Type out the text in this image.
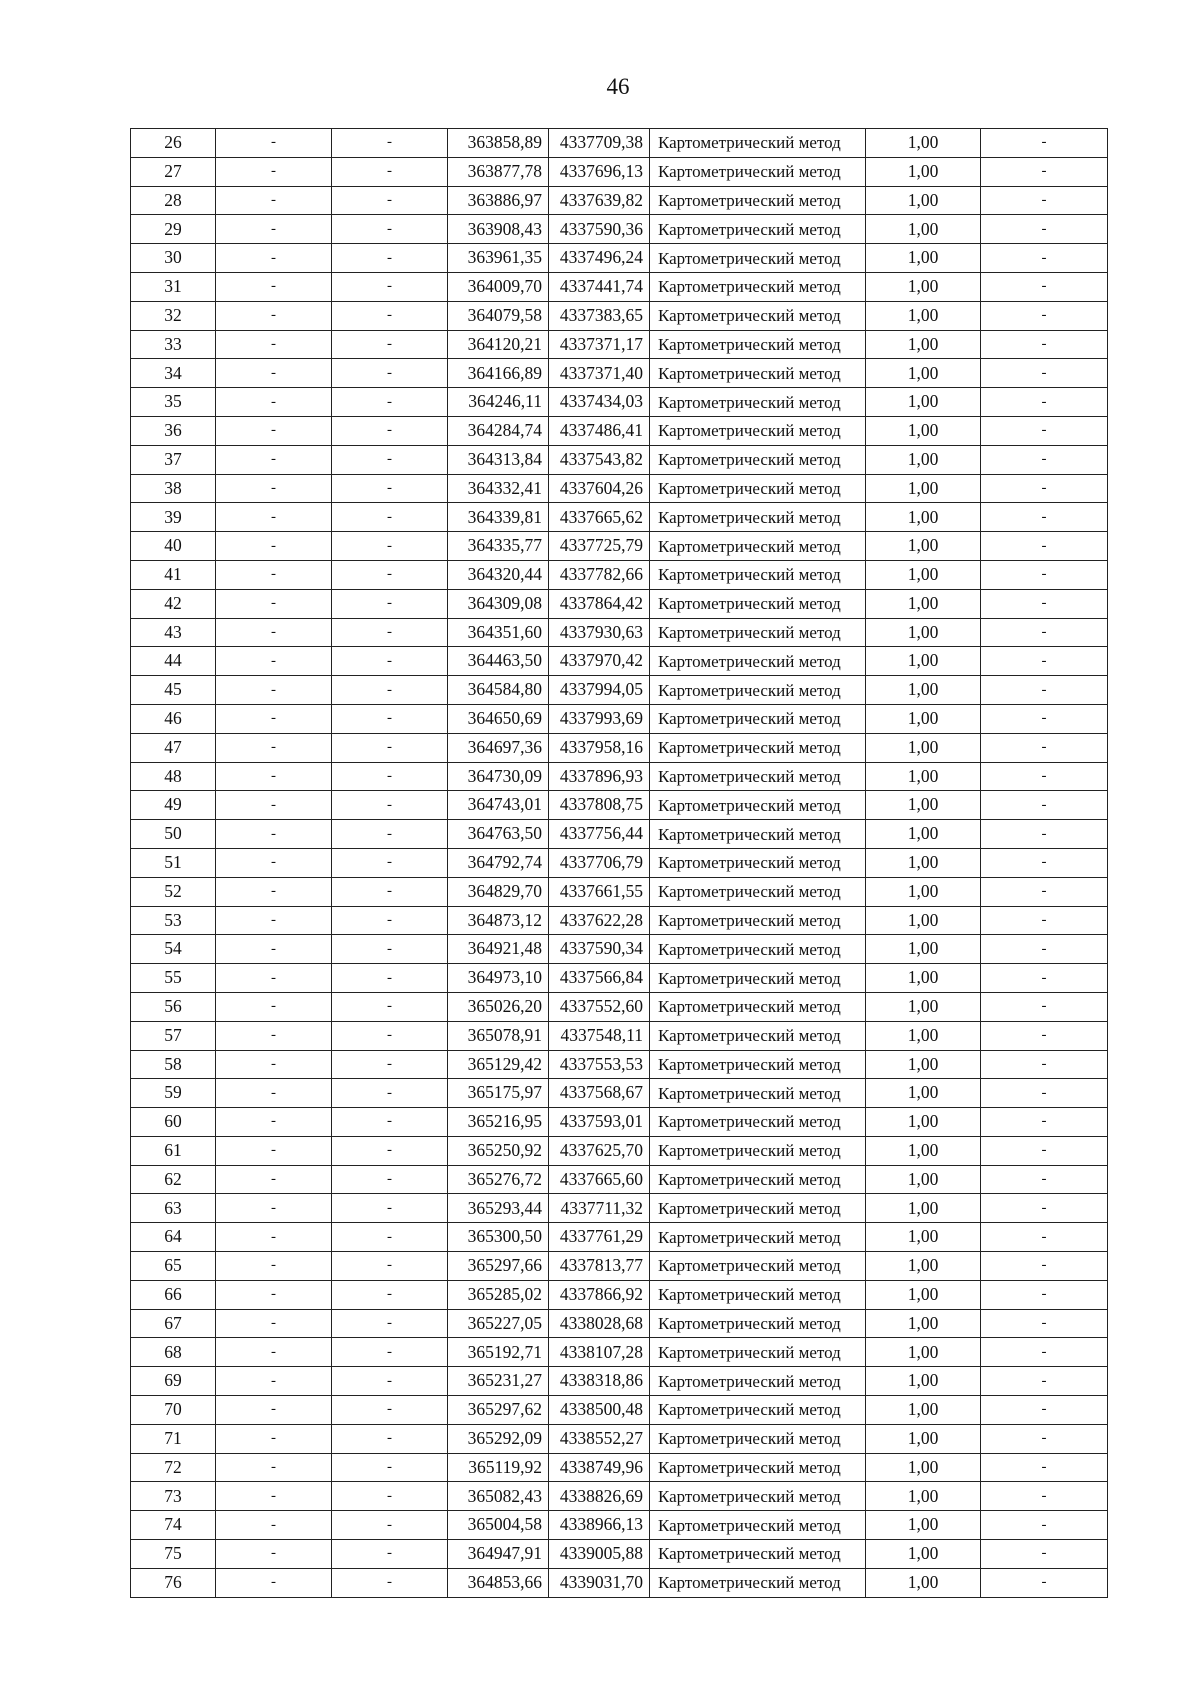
46
26	-	-	363858,89	4337709,38	Картометрический метод	1,00	-
27	-	-	363877,78	4337696,13	Картометрический метод	1,00	-
28	-	-	363886,97	4337639,82	Картометрический метод	1,00	-
29	-	-	363908,43	4337590,36	Картометрический метод	1,00	-
30	-	-	363961,35	4337496,24	Картометрический метод	1,00	-
31	-	-	364009,70	4337441,74	Картометрический метод	1,00	-
32	-	-	364079,58	4337383,65	Картометрический метод	1,00	-
33	-	-	364120,21	4337371,17	Картометрический метод	1,00	-
34	-	-	364166,89	4337371,40	Картометрический метод	1,00	-
35	-	-	364246,11	4337434,03	Картометрический метод	1,00	-
36	-	-	364284,74	4337486,41	Картометрический метод	1,00	-
37	-	-	364313,84	4337543,82	Картометрический метод	1,00	-
38	-	-	364332,41	4337604,26	Картометрический метод	1,00	-
39	-	-	364339,81	4337665,62	Картометрический метод	1,00	-
40	-	-	364335,77	4337725,79	Картометрический метод	1,00	-
41	-	-	364320,44	4337782,66	Картометрический метод	1,00	-
42	-	-	364309,08	4337864,42	Картометрический метод	1,00	-
43	-	-	364351,60	4337930,63	Картометрический метод	1,00	-
44	-	-	364463,50	4337970,42	Картометрический метод	1,00	-
45	-	-	364584,80	4337994,05	Картометрический метод	1,00	-
46	-	-	364650,69	4337993,69	Картометрический метод	1,00	-
47	-	-	364697,36	4337958,16	Картометрический метод	1,00	-
48	-	-	364730,09	4337896,93	Картометрический метод	1,00	-
49	-	-	364743,01	4337808,75	Картометрический метод	1,00	-
50	-	-	364763,50	4337756,44	Картометрический метод	1,00	-
51	-	-	364792,74	4337706,79	Картометрический метод	1,00	-
52	-	-	364829,70	4337661,55	Картометрический метод	1,00	-
53	-	-	364873,12	4337622,28	Картометрический метод	1,00	-
54	-	-	364921,48	4337590,34	Картометрический метод	1,00	-
55	-	-	364973,10	4337566,84	Картометрический метод	1,00	-
56	-	-	365026,20	4337552,60	Картометрический метод	1,00	-
57	-	-	365078,91	4337548,11	Картометрический метод	1,00	-
58	-	-	365129,42	4337553,53	Картометрический метод	1,00	-
59	-	-	365175,97	4337568,67	Картометрический метод	1,00	-
60	-	-	365216,95	4337593,01	Картометрический метод	1,00	-
61	-	-	365250,92	4337625,70	Картометрический метод	1,00	-
62	-	-	365276,72	4337665,60	Картометрический метод	1,00	-
63	-	-	365293,44	4337711,32	Картометрический метод	1,00	-
64	-	-	365300,50	4337761,29	Картометрический метод	1,00	-
65	-	-	365297,66	4337813,77	Картометрический метод	1,00	-
66	-	-	365285,02	4337866,92	Картометрический метод	1,00	-
67	-	-	365227,05	4338028,68	Картометрический метод	1,00	-
68	-	-	365192,71	4338107,28	Картометрический метод	1,00	-
69	-	-	365231,27	4338318,86	Картометрический метод	1,00	-
70	-	-	365297,62	4338500,48	Картометрический метод	1,00	-
71	-	-	365292,09	4338552,27	Картометрический метод	1,00	-
72	-	-	365119,92	4338749,96	Картометрический метод	1,00	-
73	-	-	365082,43	4338826,69	Картометрический метод	1,00	-
74	-	-	365004,58	4338966,13	Картометрический метод	1,00	-
75	-	-	364947,91	4339005,88	Картометрический метод	1,00	-
76	-	-	364853,66	4339031,70	Картометрический метод	1,00	-
